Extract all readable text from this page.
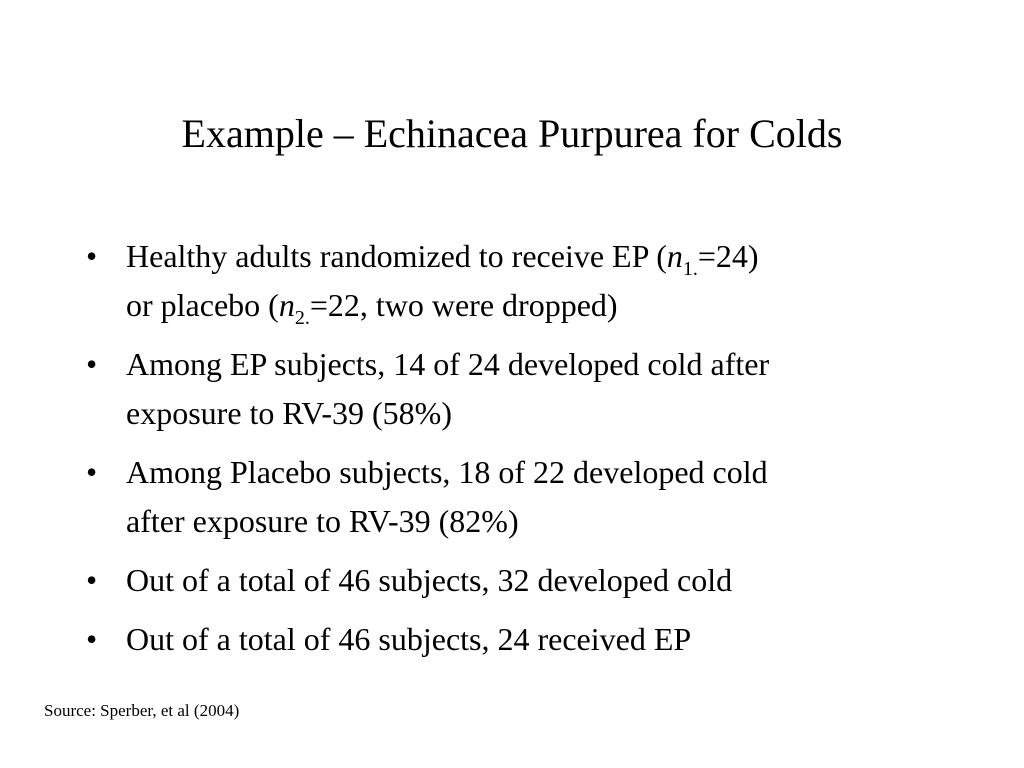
Example – Echinacea Purpurea for Colds
• Healthy adults randomized to receive EP $(n_{1.}=24)$
or placebo ($n_{2.}=22$, two were dropped)
• Among EP subjects, 14 of 24 developed cold after
exposure to RV-39 (58%)
• Among Placebo subjects, 18 of 22 developed cold
after exposure to RV-39 (82%)
• Out of a total of 46 subjects, 32 developed cold
• Out of a total of 46 subjects, 24 received EP
Source: Sperber, et al (2004)
